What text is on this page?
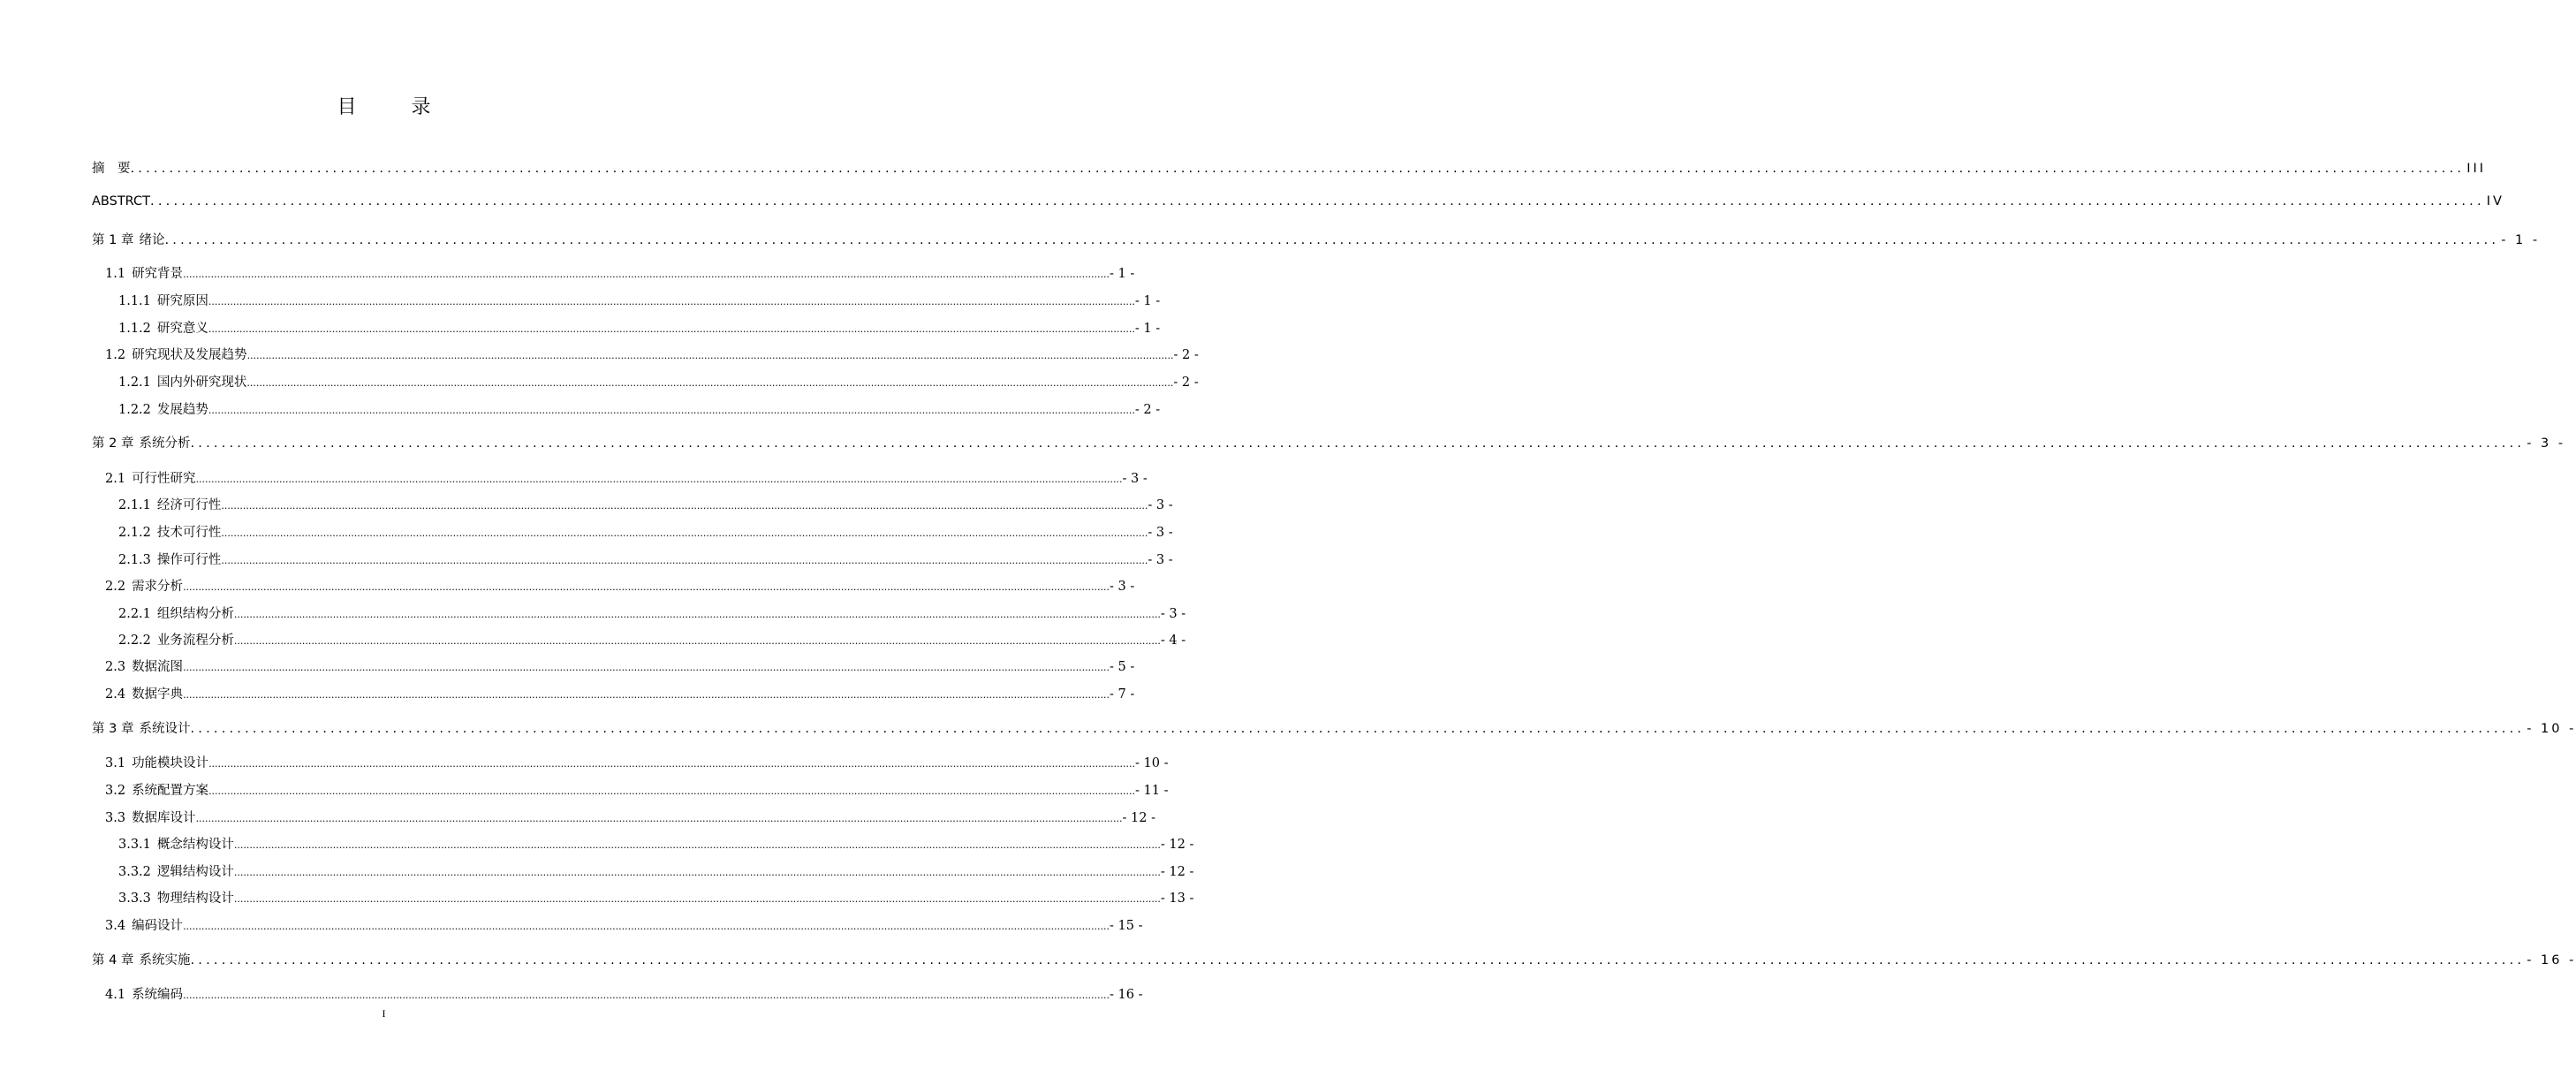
目　录
摘　要 ............................................................................................................................................................................................................................................................................................................ III
ABSTRCT ............................................................................................................................................................................................................................................................................................................ IV
第 1 章 绪论 ............................................................................................................................................................................................................................................................................................................ - 1 -
1.1 研究背景 ............................................................................................................................................................................................................................................................................................................ - 1 -
1.1.1 研究原因 ............................................................................................................................................................................................................................................................................................................ - 1 -
1.1.2 研究意义 ............................................................................................................................................................................................................................................................................................................ - 1 -
1.2 研究现状及发展趋势 ............................................................................................................................................................................................................................................................................................................ - 2 -
1.2.1 国内外研究现状 ............................................................................................................................................................................................................................................................................................................ - 2 -
1.2.2 发展趋势 ............................................................................................................................................................................................................................................................................................................ - 2 -
第 2 章 系统分析 ............................................................................................................................................................................................................................................................................................................ - 3 -
2.1 可行性研究 ............................................................................................................................................................................................................................................................................................................ - 3 -
2.1.1 经济可行性 ............................................................................................................................................................................................................................................................................................................ - 3 -
2.1.2 技术可行性 ............................................................................................................................................................................................................................................................................................................ - 3 -
2.1.3 操作可行性 ............................................................................................................................................................................................................................................................................................................ - 3 -
2.2 需求分析 ............................................................................................................................................................................................................................................................................................................ - 3 -
2.2.1 组织结构分析 ............................................................................................................................................................................................................................................................................................................ - 3 -
2.2.2 业务流程分析 ............................................................................................................................................................................................................................................................................................................ - 4 -
2.3 数据流图 ............................................................................................................................................................................................................................................................................................................ - 5 -
2.4 数据字典 ............................................................................................................................................................................................................................................................................................................ - 7 -
第 3 章 系统设计 ............................................................................................................................................................................................................................................................................................................ - 10 -
3.1 功能模块设计 ............................................................................................................................................................................................................................................................................................................ - 10 -
3.2 系统配置方案 ............................................................................................................................................................................................................................................................................................................ - 11 -
3.3 数据库设计 ............................................................................................................................................................................................................................................................................................................ - 12 -
3.3.1 概念结构设计 ............................................................................................................................................................................................................................................................................................................ - 12 -
3.3.2 逻辑结构设计 ............................................................................................................................................................................................................................................................................................................ - 12 -
3.3.3 物理结构设计 ............................................................................................................................................................................................................................................................................................................ - 13 -
3.4 编码设计 ............................................................................................................................................................................................................................................................................................................ - 15 -
第 4 章 系统实施 ............................................................................................................................................................................................................................................................................................................ - 16 -
4.1 系统编码 ............................................................................................................................................................................................................................................................................................................ - 16 -
I
